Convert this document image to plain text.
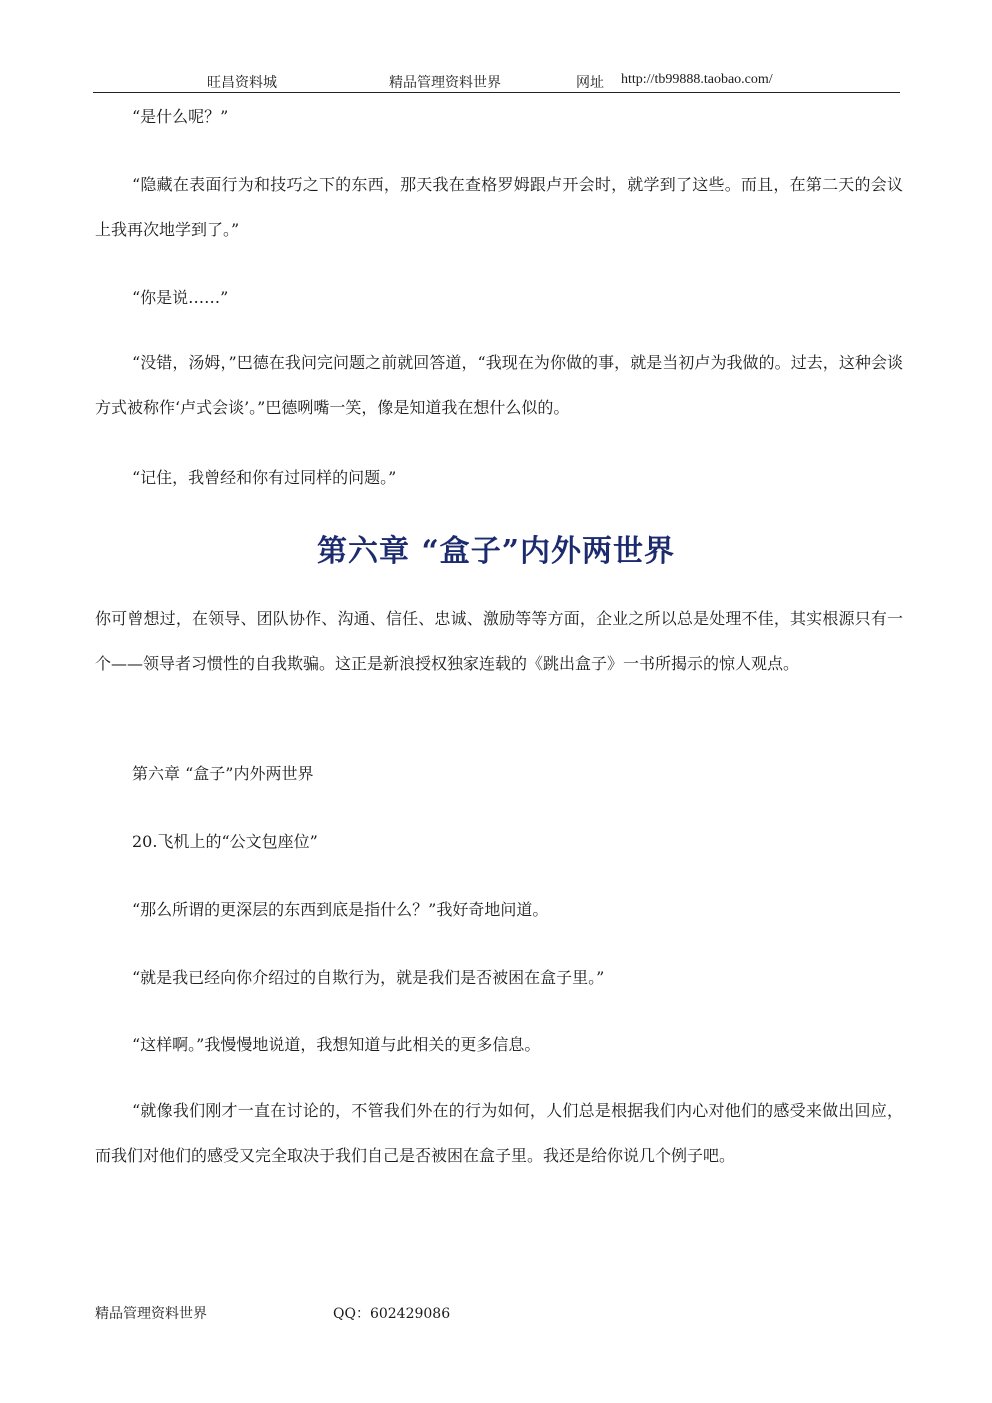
旺昌资料城	精品管理资料世界	网址 http://tb99888.taobao.com/

“是什么呢？”

“隐藏在表面行为和技巧之下的东西，那天我在查格罗姆跟卢开会时，就学到了这些。而且，在第二天的会议上我再次地学到了。”

“你是说……”

“没错，汤姆，”巴德在我问完问题之前就回答道，“我现在为你做的事，就是当初卢为我做的。过去，这种会谈方式被称作‘卢式会谈’。”巴德咧嘴一笑，像是知道我在想什么似的。

“记住，我曾经和你有过同样的问题。”

第六章 “盒子”内外两世界

你可曾想过，在领导、团队协作、沟通、信任、忠诚、激励等等方面，企业之所以总是处理不佳，其实根源只有一个——领导者习惯性的自我欺骗。这正是新浪授权独家连载的《跳出盒子》一书所揭示的惊人观点。

第六章 “盒子”内外两世界

20.飞机上的“公文包座位”

“那么所谓的更深层的东西到底是指什么？”我好奇地问道。

“就是我已经向你介绍过的自欺行为，就是我们是否被困在盒子里。”

“这样啊。”我慢慢地说道，我想知道与此相关的更多信息。

“就像我们刚才一直在讨论的，不管我们外在的行为如何，人们总是根据我们内心对他们的感受来做出回应，而我们对他们的感受又完全取决于我们自己是否被困在盒子里。我还是给你说几个例子吧。

精品管理资料世界	QQ：602429086
